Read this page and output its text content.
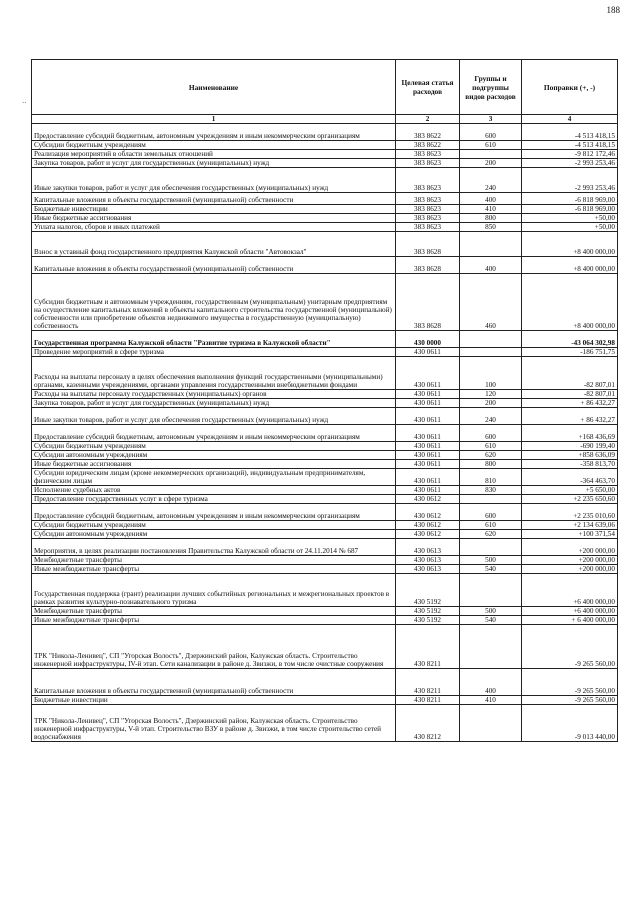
188
..
Наименование	Целевая статья расходов	Группы и подгруппы видов расходов	Поправки (+, -)
1	2	3	4
Предоставление субсидий бюджетным, автономным учреждениям и иным некоммерческим организациям	383 8622	600	-4 513 418,15
Субсидии бюджетным учреждениям	383 8622	610	-4 513 418,15
Реализация мероприятий в области земельных отношений	383 8623		-9 812 172,46
Закупка товаров, работ и услуг для государственных (муниципальных) нужд	383 8623	200	-2 993 253,46
Иные закупки товаров, работ и услуг для обеспечения государственных (муниципальных) нужд	383 8623	240	-2 993 253,46
Капитальные вложения в объекты государственной (муниципальной) собственности	383 8623	400	-6 818 969,00
Бюджетные инвестиции	383 8623	410	-6 818 969,00
Иные бюджетные ассигнования	383 8623	800	+50,00
Уплата налогов, сборов и иных платежей	383 8623	850	+50,00
Взнос в уставный фонд государственного предприятия Калужской области "Автовокзал"	383 8628		+8 400 000,00
Капитальные вложения в объекты государственной (муниципальной) собственности	383 8628	400	+8 400 000,00
Субсидии бюджетным и автономным учреждениям, государственным (муниципальным) унитарным предприятиям на осуществление капитальных вложений в объекты капитального строительства государственной (муниципальной) собственности или приобретение объектов недвижимого имущества в государственную (муниципальную) собственность	383 8628	460	+8 400 000,00
Государственная программа Калужской области "Развитие туризма в Калужской области"	430 0000		-43 064 302,98
Проведение мероприятий в сфере туризма	430 0611		-186 751,75
Расходы на выплаты персоналу в целях обеспечения выполнения функций государственными (муниципальными) органами, казенными учреждениями, органами управления государственными внебюджетными фондами	430 0611	100	-82 807,01
Расходы на выплаты персоналу государственных (муниципальных) органов	430 0611	120	-82 807,01
Закупка товаров, работ и услуг для государственных (муниципальных) нужд	430 0611	200	+ 86 432,27
Иные закупки товаров, работ и услуг для обеспечения государственных (муниципальных) нужд	430 0611	240	+ 86 432,27
Предоставление субсидий бюджетным, автономным учреждениям и иным некоммерческим организациям	430 0611	600	+168 436,69
Субсидии бюджетным учреждениям	430 0611	610	-690 199,40
Субсидии автономным учреждениям	430 0611	620	+858 636,09
Иные бюджетные ассигнования	430 0611	800	-358 813,70
Субсидии юридическим лицам (кроме некоммерческих организаций), индивидуальным предпринимателям, физическим лицам	430 0611	810	-364 463,70
Исполнение судебных актов	430 0611	830	+5 650,00
Предоставление государственных услуг в сфере туризма	430 0612		+2 235 650,60
Предоставление субсидий бюджетным, автономным учреждениям и иным некоммерческим организациям	430 0612	600	+2 235 010,60
Субсидии бюджетным учреждениям	430 0612	610	+2 134 639,06
Субсидии автономным учреждениям	430 0612	620	+100 371,54
Мероприятия, в целях реализации постановления Правительства Калужской области от 24.11.2014 № 687	430 0613		+200 000,00
Межбюджетные трансферты	430 0613	500	+200 000,00
Иные межбюджетные трансферты	430 0613	540	+200 000,00
Государственная поддержка (грант) реализации лучших событийных региональных и межрегиональных проектов в рамках развития культурно-познавательного туризма	430 5192		+6 400 000,00
Межбюджетные трансферты	430 5192	500	+6 400 000,00
Иные межбюджетные трансферты	430 5192	540	+ 6 400 000,00
ТРК "Никола-Ленивец", СП "Угорская Волость", Дзержинский район, Калужская область. Строительство инженерной инфраструктуры, IV-й этап. Сети канализации в районе д. Звизжи, в том числе очистные сооружения	430 8211		-9 265 560,00
Капитальные вложения в объекты государственной (муниципальной) собственности	430 8211	400	-9 265 560,00
Бюджетные инвестиции	430 8211	410	-9 265 560,00
ТРК "Никола-Ленивец", СП "Угорская Волость", Дзержинский район, Калужская область. Строительство инженерной инфраструктуры, V-й этап. Строительство ВЗУ в районе д. Звизжи, в том числе строительство сетей водоснабжения	430 8212		-9 013 440,00
